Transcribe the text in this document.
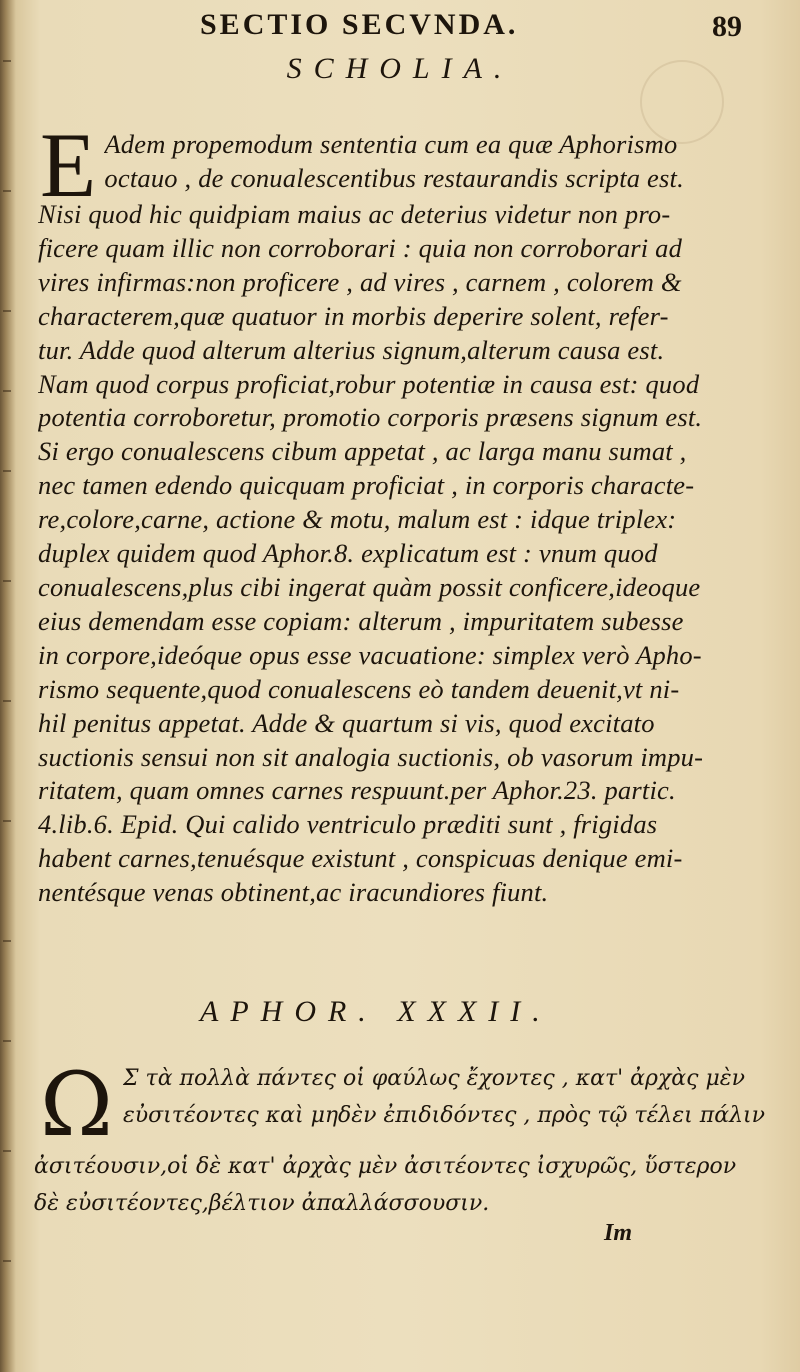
SECTIO SECVNDA.	89
SCHOLIA.
E Adem propemodum sententia cum ea quæ Aphorismo
octauo , de conualescentibus restaurandis scripta est.
Nisi quod hic quidpiam maius ac deterius videtur non pro-
ficere quam illic non corroborari : quia non corroborari ad
vires infirmas:non proficere , ad vires , carnem , colorem &
characterem,quæ quatuor in morbis deperire solent, refer-
tur. Adde quod alterum alterius signum,alterum causa est.
Nam quod corpus proficiat,robur potentiæ in causa est: quod
potentia corroboretur, promotio corporis præsens signum est.
Si ergo conualescens cibum appetat , ac larga manu sumat ,
nec tamen edendo quicquam proficiat , in corporis characte-
re,colore,carne, actione & motu, malum est : idque triplex:
duplex quidem quod Aphor.8. explicatum est : vnum quod
conualescens,plus cibi ingerat quàm possit conficere,ideoque
eius demendam esse copiam: alterum , impuritatem subesse
in corpore,ideóque opus esse vacuatione: simplex verò Apho-
rismo sequente,quod conualescens eò tandem deuenit,vt ni-
hil penitus appetat. Adde & quartum si vis, quod excitato
suctionis sensui non sit analogia suctionis, ob vasorum impu-
ritatem, quam omnes carnes respuunt.per Aphor.23. partic.
4.lib.6. Epid. Qui calido ventriculo præditi sunt , frigidas
habent carnes,tenuésque existunt , conspicuas denique emi-
nentésque venas obtinent,ac iracundiores fiunt.
APHOR. XXXII.
Ω Σ τὰ πολλὰ πάντες οἱ φαύλως ἔχοντες , κατ' ἀρχὰς μὲν
εὐσιτέοντες καὶ μηδὲν ἐπιδιδόντες , πρὸς τῷ τέλει πάλιν
ἀσιτέουσιν,οἱ δὲ κατ' ἀρχὰς μὲν ἀσιτέοντες ἰσχυρῶς, ὕστερον
δὲ εὐσιτέοντες,βέλτιον ἀπαλλάσσουσιν.
Im
